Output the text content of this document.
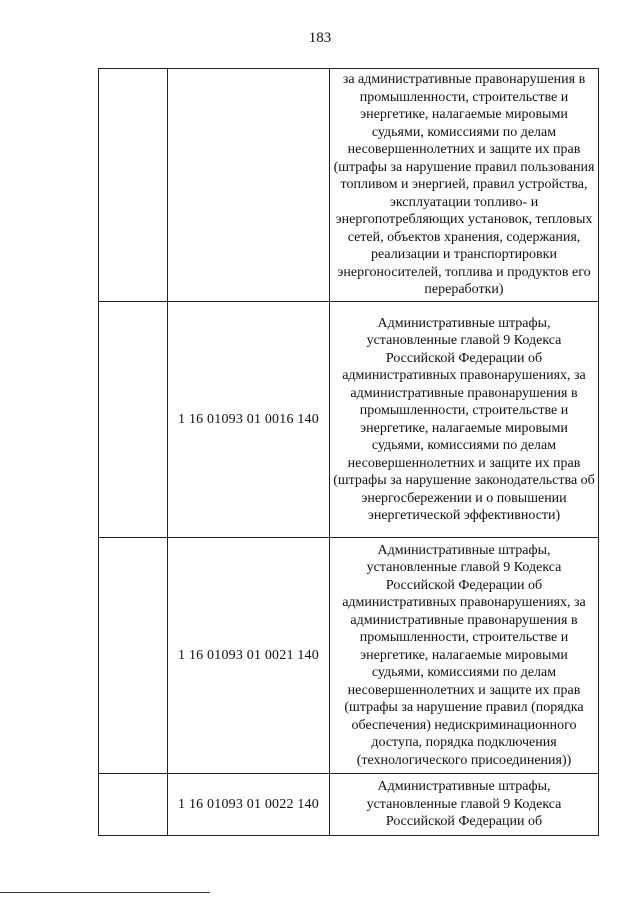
183
		за административные правонарушения в промышленности, строительстве и энергетике, налагаемые мировыми судьями, комиссиями по делам несовершеннолетних и защите их прав (штрафы за нарушение правил пользования топливом и энергией, правил устройства, эксплуатации топливо- и энергопотребляющих установок, тепловых сетей, объектов хранения, содержания, реализации и транспортировки энергоносителей, топлива и продуктов его переработки)
	1 16 01093 01 0016 140	Административные штрафы, установленные главой 9 Кодекса Российской Федерации об административных правонарушениях, за административные правонарушения в промышленности, строительстве и энергетике, налагаемые мировыми судьями, комиссиями по делам несовершеннолетних и защите их прав (штрафы за нарушение законодательства об энергосбережении и о повышении энергетической эффективности)
	1 16 01093 01 0021 140	Административные штрафы, установленные главой 9 Кодекса Российской Федерации об административных правонарушениях, за административные правонарушения в промышленности, строительстве и энергетике, налагаемые мировыми судьями, комиссиями по делам несовершеннолетних и защите их прав (штрафы за нарушение правил (порядка обеспечения) недискриминационного доступа, порядка подключения (технологического присоединения))
	1 16 01093 01 0022 140	Административные штрафы, установленные главой 9 Кодекса Российской Федерации об
